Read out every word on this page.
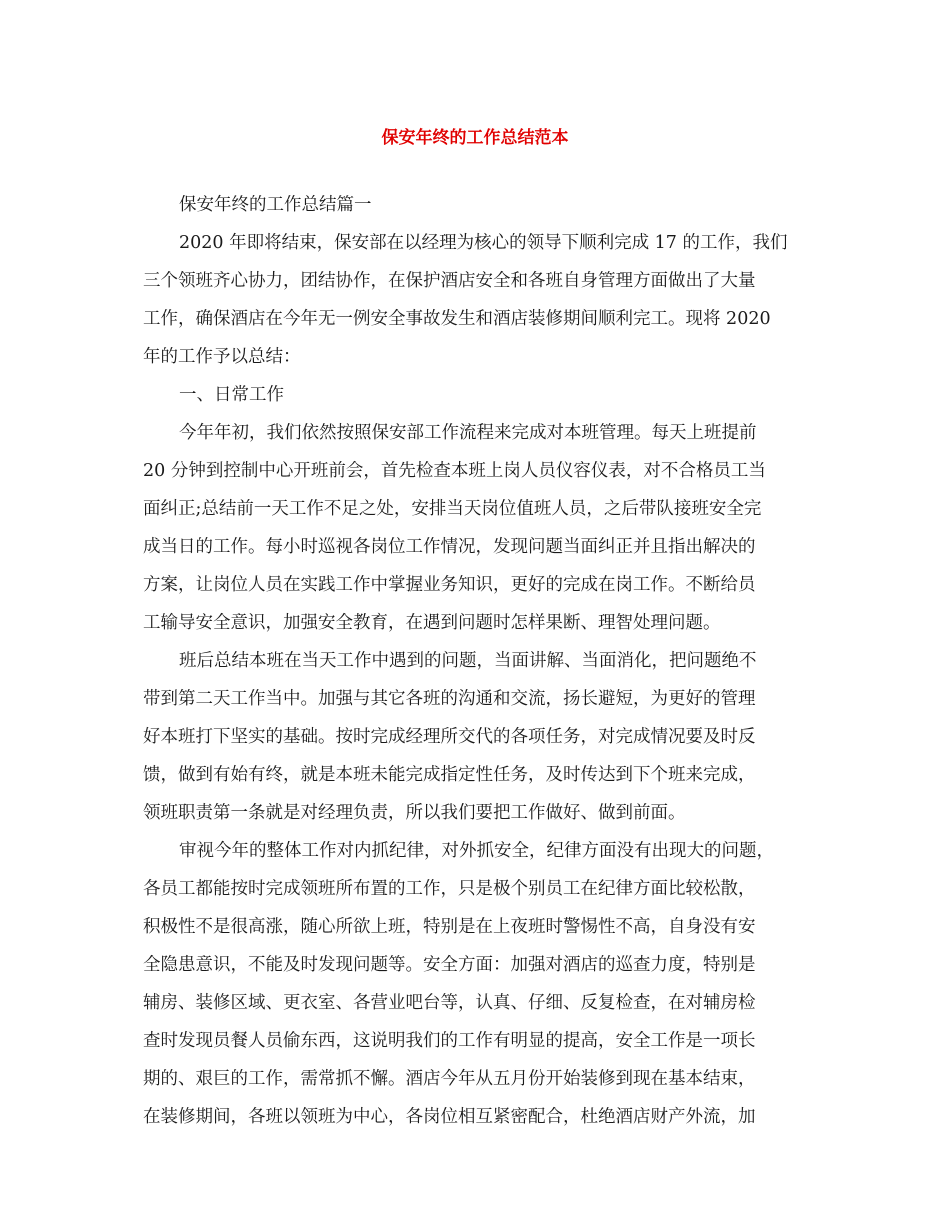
保安年终的工作总结范本
保安年终的工作总结篇一
2020 年即将结束，保安部在以经理为核心的领导下顺利完成 17 的工作，我们
三个领班齐心协力，团结协作，在保护酒店安全和各班自身管理方面做出了大量
工作，确保酒店在今年无一例安全事故发生和酒店装修期间顺利完工。现将 2020
年的工作予以总结：
一、日常工作
今年年初，我们依然按照保安部工作流程来完成对本班管理。每天上班提前
20 分钟到控制中心开班前会，首先检查本班上岗人员仪容仪表，对不合格员工当
面纠正;总结前一天工作不足之处，安排当天岗位值班人员，之后带队接班安全完
成当日的工作。每小时巡视各岗位工作情况，发现问题当面纠正并且指出解决的
方案，让岗位人员在实践工作中掌握业务知识，更好的完成在岗工作。不断给员
工输导安全意识，加强安全教育，在遇到问题时怎样果断、理智处理问题。
班后总结本班在当天工作中遇到的问题，当面讲解、当面消化，把问题绝不
带到第二天工作当中。加强与其它各班的沟通和交流，扬长避短，为更好的管理
好本班打下坚实的基础。按时完成经理所交代的各项任务，对完成情况要及时反
馈，做到有始有终，就是本班未能完成指定性任务，及时传达到下个班来完成，
领班职责第一条就是对经理负责，所以我们要把工作做好、做到前面。
审视今年的整体工作对内抓纪律，对外抓安全，纪律方面没有出现大的问题，
各员工都能按时完成领班所布置的工作，只是极个别员工在纪律方面比较松散，
积极性不是很高涨，随心所欲上班，特别是在上夜班时警惕性不高，自身没有安
全隐患意识，不能及时发现问题等。安全方面：加强对酒店的巡查力度，特别是
辅房、装修区域、更衣室、各营业吧台等，认真、仔细、反复检查，在对辅房检
查时发现员餐人员偷东西，这说明我们的工作有明显的提高，安全工作是一项长
期的、艰巨的工作，需常抓不懈。酒店今年从五月份开始装修到现在基本结束，
在装修期间，各班以领班为中心，各岗位相互紧密配合，杜绝酒店财产外流，加
